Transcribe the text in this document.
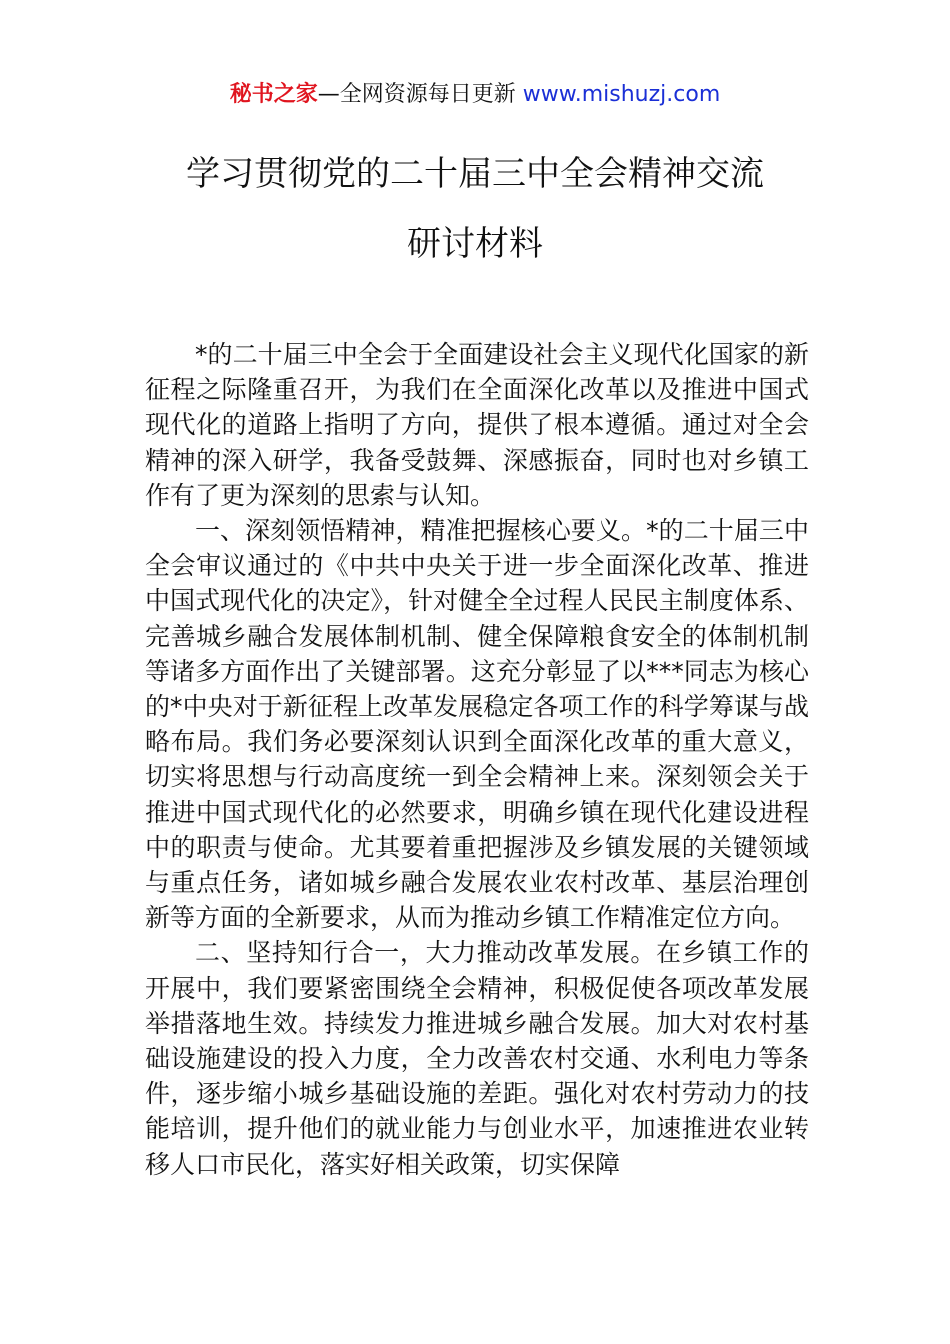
秘书之家—全网资源每日更新 www.mishuzj.com
学习贯彻党的二十届三中全会精神交流
研讨材料

*的二十届三中全会于全面建设社会主义现代化国家的新征程之际隆重召开，为我们在全面深化改革以及推进中国式现代化的道路上指明了方向，提供了根本遵循。通过对全会精神的深入研学，我备受鼓舞、深感振奋，同时也对乡镇工作有了更为深刻的思索与认知。

一、深刻领悟精神，精准把握核心要义。*的二十届三中全会审议通过的《中共中央关于进一步全面深化改革、推进中国式现代化的决定》，针对健全全过程人民民主制度体系、完善城乡融合发展体制机制、健全保障粮食安全的体制机制等诸多方面作出了关键部署。这充分彰显了以***同志为核心的*中央对于新征程上改革发展稳定各项工作的科学筹谋与战略布局。我们务必要深刻认识到全面深化改革的重大意义，切实将思想与行动高度统一到全会精神上来。深刻领会关于推进中国式现代化的必然要求，明确乡镇在现代化建设进程中的职责与使命。尤其要着重把握涉及乡镇发展的关键领域与重点任务，诸如城乡融合发展农业农村改革、基层治理创新等方面的全新要求，从而为推动乡镇工作精准定位方向。

二、坚持知行合一，大力推动改革发展。在乡镇工作的开展中，我们要紧密围绕全会精神，积极促使各项改革发展举措落地生效。持续发力推进城乡融合发展。加大对农村基础设施建设的投入力度，全力改善农村交通、水利电力等条件，逐步缩小城乡基础设施的差距。强化对农村劳动力的技能培训，提升他们的就业能力与创业水平，加速推进农业转移人口市民化，落实好相关政策，切实保障
